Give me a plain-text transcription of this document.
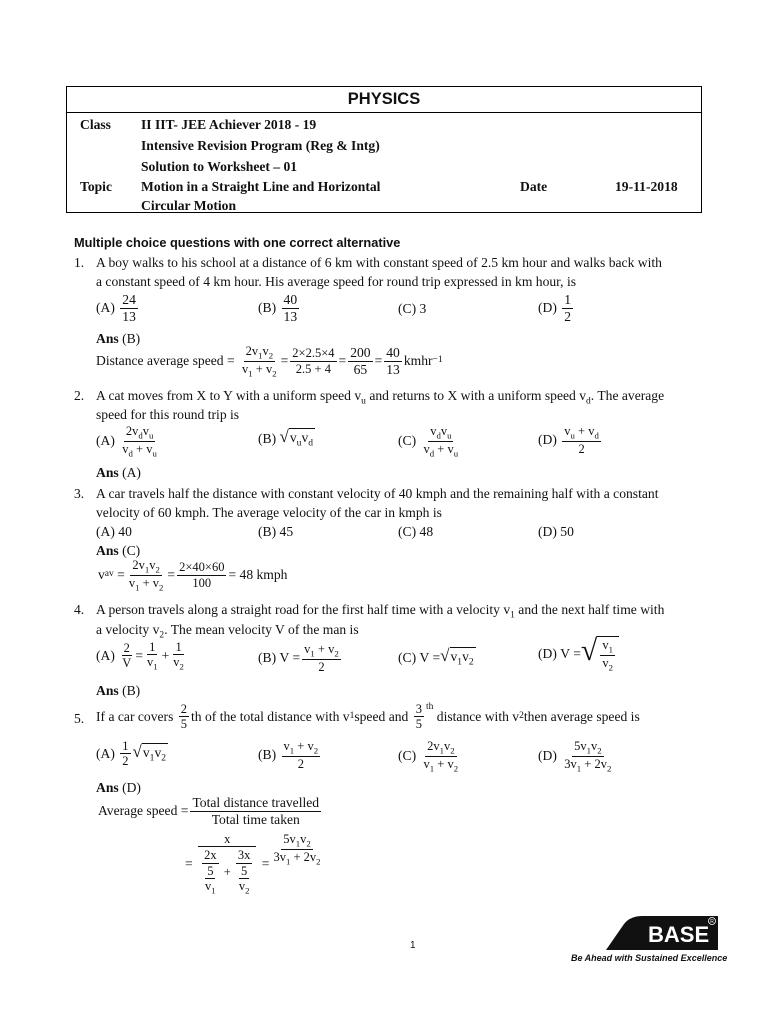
PHYSICS
Class II IIT- JEE Achiever 2018 - 19
Intensive Revision Program (Reg & Intg)
Solution to Worksheet – 01
Topic Motion in a Straight Line and Horizontal
Circular Motion
Date	19-11-2018
Multiple choice questions with one correct alternative
1. A boy walks to his school at a distance of 6 km with constant speed of 2.5 km hour and walks back with
a constant speed of 4 km hour. His average speed for round trip expressed in km hour, is
(A)
24
13
(B)
40
13
(C) 3	(D)
1
2
Ans (B)
Distance average speed =
$\frac{2v_1v_2}{v_1 + v_2} = 2\times 2.5\times 4$
2.5 + 4
=
200
65
=
40
13
kmhr −1
2. A cat moves from X to Y with a uniform speed $v_u$ and returns to X with a uniform speed $v_d$. The average
speed for this round trip is
(A)
$2v_dv_u$
$v_d + v_u$
(B) √ $v_uv_d$	(C)
$v_dv_u$
$v_d + v_u$
(D)
$v_u + v_d$
2
Ans (A)
3. A car travels half the distance with constant velocity of 40 kmph and the remaining half with a constant
velocity of 60 kmph. The average velocity of the car in kmph is
(A) 40	(B) 45	(C) 48	(D) 50
Ans (C)
v av =
$2v_1v_2$
$v_1 + v_2$
= $\frac{2\times 40\times 60}{100} = 48$ kmph
4. A person travels along a straight road for the first half time with a velocity $v_1$ and the next half time with
a velocity $v_2$. The mean velocity V of the man is
(A) 2
V
=
1
$v_1$
+
1
$v_2$
(B) V =
$v_1 + v_2$
2
(C) V = √ $v_1v_2$
(D) V = √ $\frac{v_1}{v_2}$
Ans (B)
5. If a car covers
2
5
th of the total distance with v 1 speed and
3
5
$^{th}$

distance with v 2 then average speed is
(A) 1
2
√ $v_1v_2$	(B)
$v_1 + v_2$
2
(C)
$2v_1v_2$
$v_1 + v_2$
(D)
$5v_1v_2$
$3v_1 + 2v_2$
Ans (D)
Average speed =
Total distance travelled
Total time taken
=
x
2x
5
$v_1$
+
3x
5
$v_2$
=
$5v_1v_2$
$3v_1 + 2v_2$
1	BASE R
Be Ahead with Sustained Excellence
